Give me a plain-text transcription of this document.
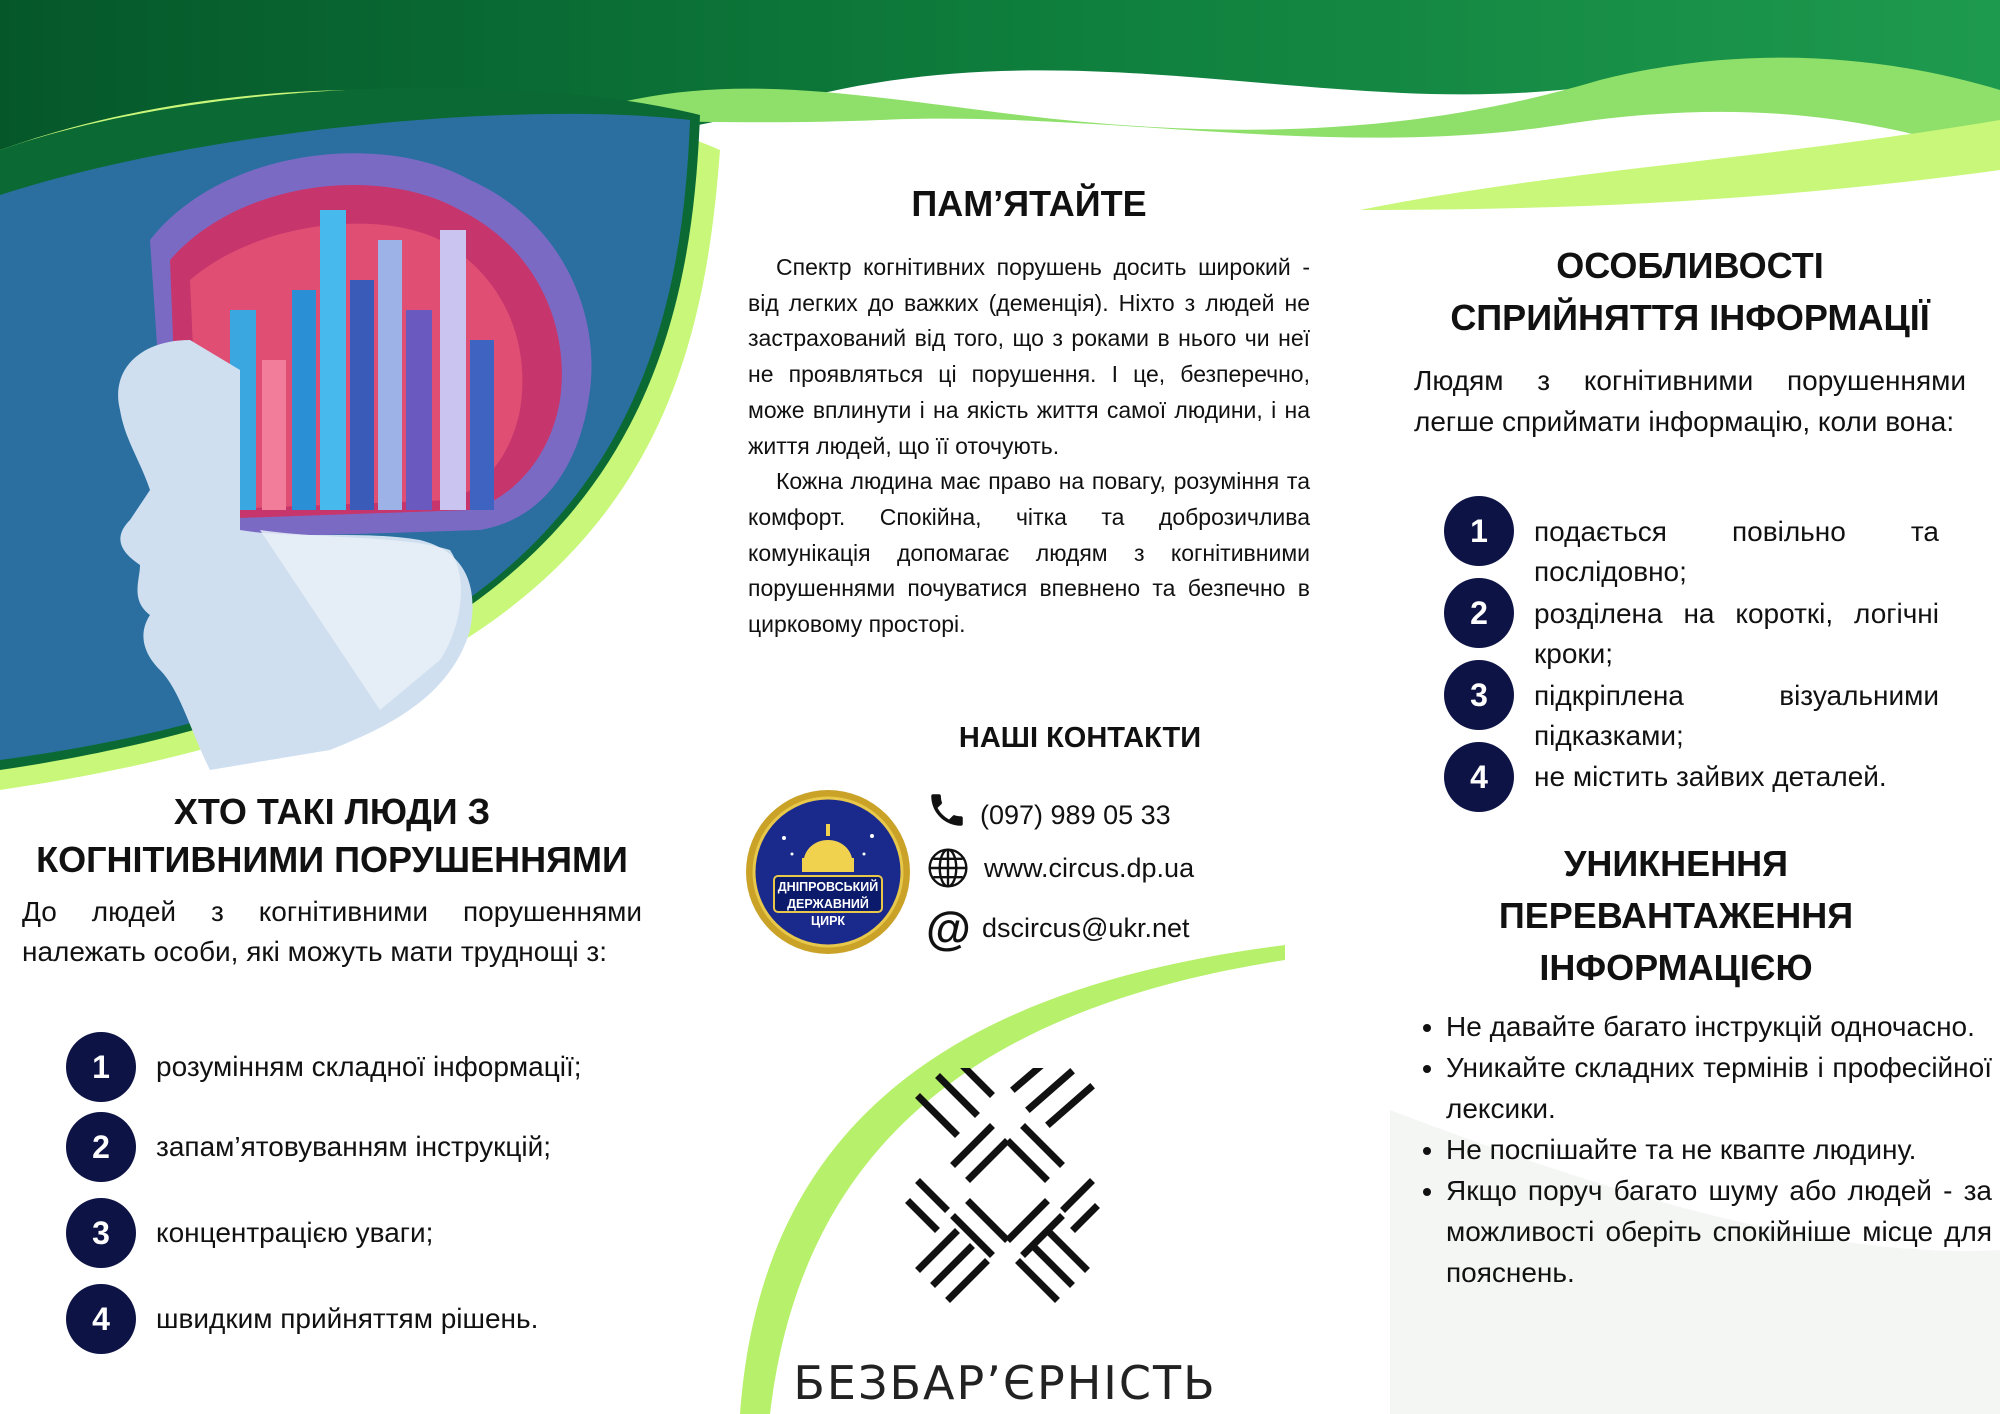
ХТО ТАКІ ЛЮДИ З
КОГНІТИВНИМИ ПОРУШЕННЯМИ

До людей з когнітивними порушеннями належать особи, які можуть мати труднощі з:

1	розумінням складної інформації;
2	запам’ятовуванням інструкцій;
3	концентрацією уваги;
4	швидким прийняттям рішень.
ПАМ’ЯТАЙТЕ

Спектр когнітивних порушень досить широкий - від легких до важких (деменція). Ніхто з людей не застрахований від того, що з роками в нього чи неї не проявляться ці порушення. І це, безперечно, може вплинути і на якість життя самої людини, і на життя людей, що її оточують.

Кожна людина має право на повагу, розуміння та комфорт. Спокійна, чітка та доброзичлива комунікація допомагає людям з когнітивними порушеннями почуватися впевнено та безпечно в цирковому просторі.

НАШІ КОНТАКТИ
ДНІПРОВСЬКИЙ
ДЕРЖАВНИЙ ЦИРК
(097) 989 05 33
www.circus.dp.ua
@ dscircus@ukr.net
БЕЗБАР’ЄРНІСТЬ
ОСОБЛИВОСТІ
СПРИЙНЯТТЯ ІНФОРМАЦІЇ

Людям з когнітивними порушеннями легше сприймати інформацію, коли вона:

1	подається повільно та послідовно;
2	розділена на короткі, логічні кроки;
3	підкріплена візуальними підказками;
4	не містить зайвих деталей.
УНИКНЕННЯ
ПЕРЕВАНТАЖЕННЯ
ІНФОРМАЦІЄЮ
• Не давайте багато інструкцій одночасно.
• Уникайте складних термінів і професійної лексики.
• Не поспішайте та не квапте людину.
• Якщо поруч багато шуму або людей - за можливості оберіть спокійніше місце для пояснень.
